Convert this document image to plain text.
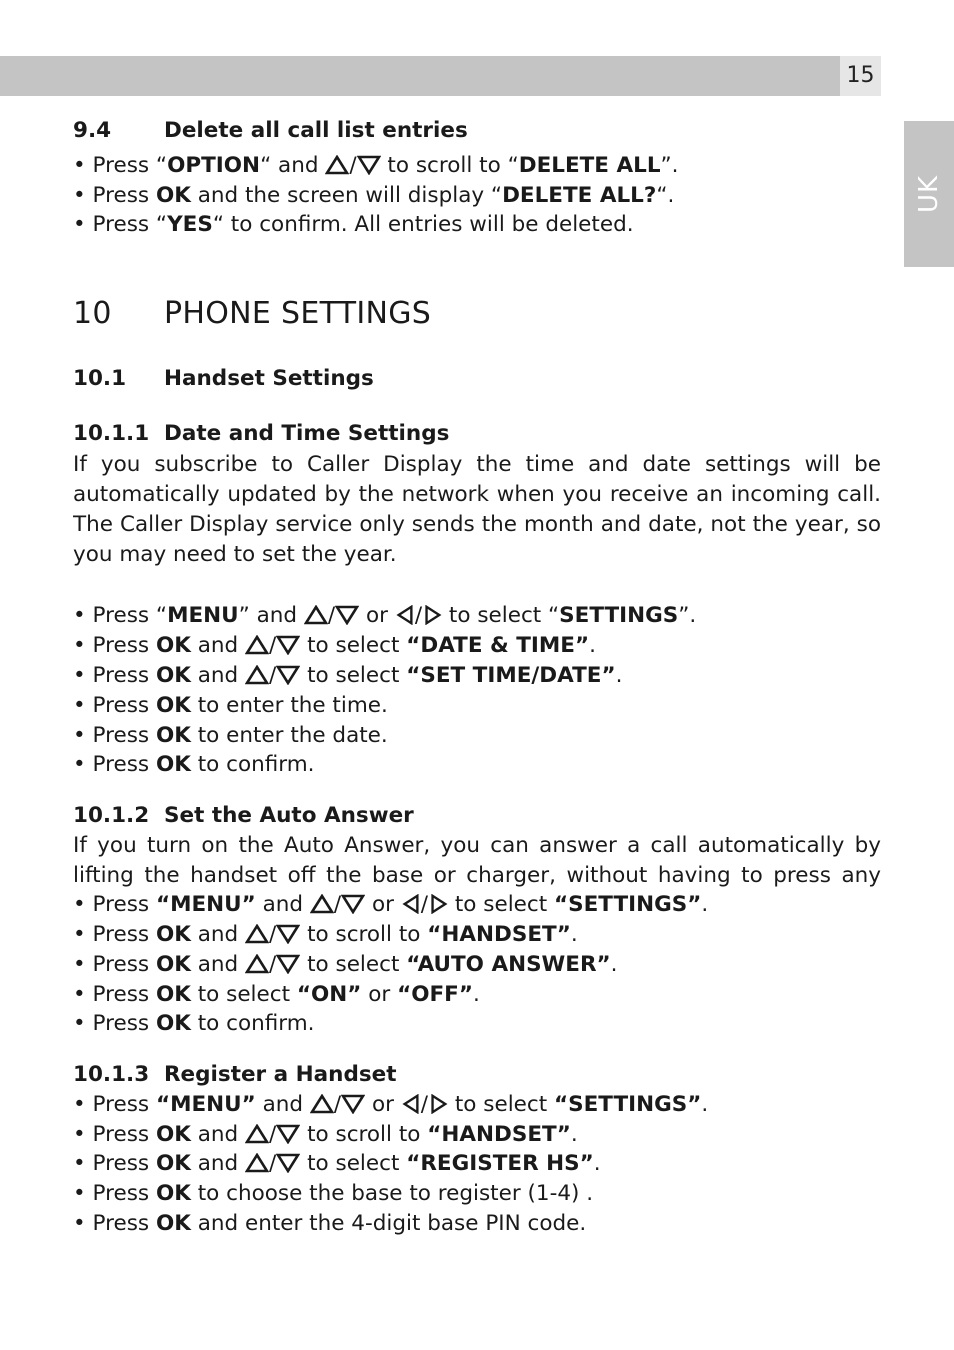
15
UK
9.4 Delete all call list entries
• Press “OPTION“ and
/
to scroll to “DELETE ALL”.
• Press OK and the screen will display “DELETE ALL?“.
• Press “YES“ to confirm. All entries will be deleted.
10 PHONE SETTINGS
10.1 Handset Settings
10.1.1 Date and Time Settings
If you subscribe to Caller Display the time and date settings will be
automatically updated by the network when you receive an incoming call.
The Caller Display service only sends the month and date, not the year, so
you may need to set the year.
• Press “MENU” and
/
or
/
to select “SETTINGS”.
• Press OK and
/
to select “DATE & TIME”.
• Press OK and
/
to select “SET TIME/DATE”.
• Press OK to enter the time.
• Press OK to enter the date.
• Press OK to confirm.
10.1.2 Set the Auto Answer
If you turn on the Auto Answer, you can answer a call automatically by
lifting the handset off the base or charger, without having to press any
• Press “MENU” and
/
or
/
to select “SETTINGS”.
• Press OK and
/
to scroll to “HANDSET”.
• Press OK and
/
to select “AUTO ANSWER”.
• Press OK to select “ON” or “OFF”.
• Press OK to confirm.
10.1.3 Register a Handset
• Press “MENU” and
/
or
/
to select “SETTINGS”.
• Press OK and
/
to scroll to “HANDSET”.
• Press OK and
/
to select “REGISTER HS”.
• Press OK to choose the base to register (1-4) .
• Press OK and enter the 4-digit base PIN code.
